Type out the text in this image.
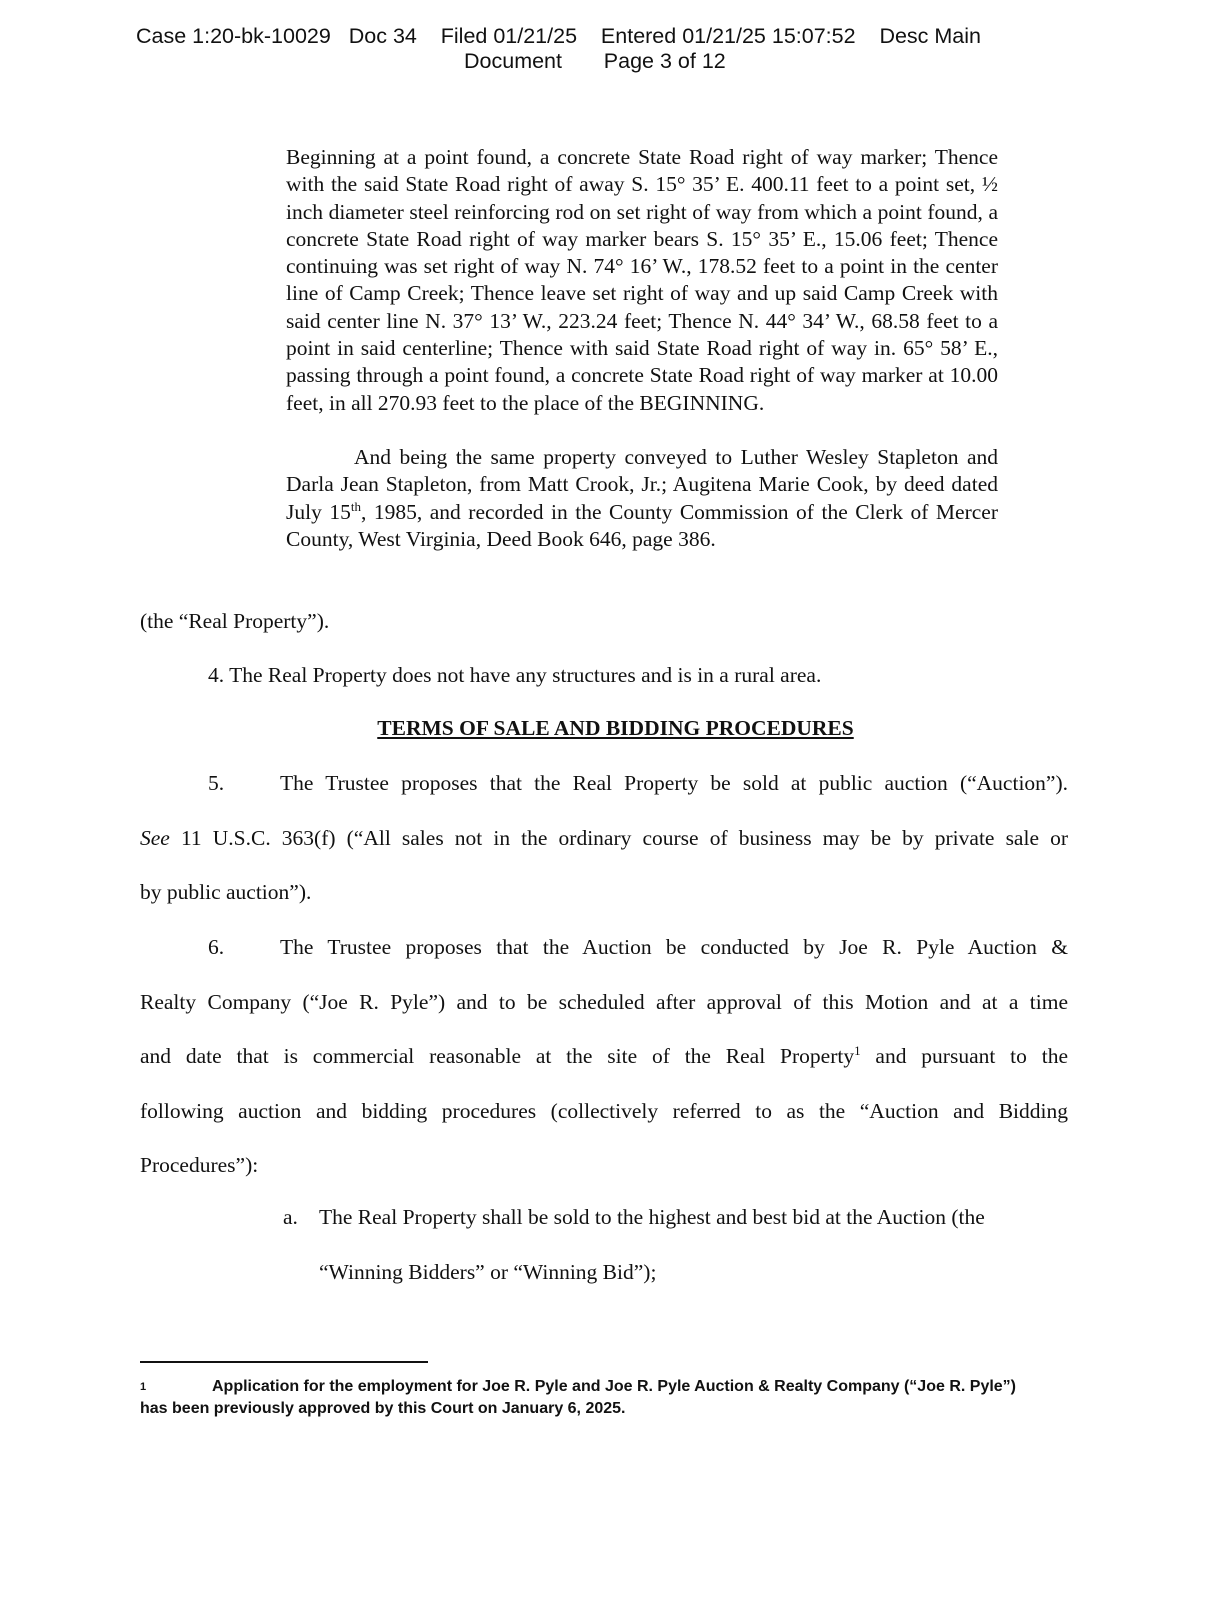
Case 1:20-bk-10029   Doc 34    Filed 01/21/25    Entered 01/21/25 15:07:52    Desc Main
Document       Page 3 of 12

Beginning at a point found, a concrete State Road right of way marker; Thence with the said State Road right of away S. 15° 35’ E. 400.11 feet to a point set, ½ inch diameter steel reinforcing rod on set right of way from which a point found, a concrete State Road right of way marker bears S. 15° 35’ E., 15.06 feet; Thence continuing was set right of way N. 74° 16’ W., 178.52 feet to a point in the center line of Camp Creek; Thence leave set right of way and up said Camp Creek with said center line N. 37° 13’ W., 223.24 feet; Thence N. 44° 34’ W., 68.58 feet to a point in said centerline; Thence with said State Road right of way in. 65° 58’ E., passing through a point found, a concrete State Road right of way marker at 10.00 feet, in all 270.93 feet to the place of the BEGINNING.

And being the same property conveyed to Luther Wesley Stapleton and Darla Jean Stapleton, from Matt Crook, Jr.; Augitena Marie Cook, by deed dated July 15th, 1985, and recorded in the County Commission of the Clerk of Mercer County, West Virginia, Deed Book 646, page 386.

(the “Real Property”).
4. The Real Property does not have any structures and is in a rural area.
TERMS OF SALE AND BIDDING PROCEDURES
5.	The Trustee proposes that the Real Property be sold at public auction (“Auction”).
See 11 U.S.C. 363(f) (“All sales not in the ordinary course of business may be by private sale or
by public auction”).
6.	The Trustee proposes that the Auction be conducted by Joe R. Pyle Auction &
Realty Company (“Joe R. Pyle”) and to be scheduled after approval of this Motion and at a time
and date that is commercial reasonable at the site of the Real Property$^1$ and pursuant to the
following auction and bidding procedures (collectively referred to as the “Auction and Bidding
Procedures”):
a. The Real Property shall be sold to the highest and best bid at the Auction (the
“Winning Bidders” or “Winning Bid”);
1	Application for the employment for Joe R. Pyle and Joe R. Pyle Auction & Realty Company (“Joe R. Pyle”)
has been previously approved by this Court on January 6, 2025.
